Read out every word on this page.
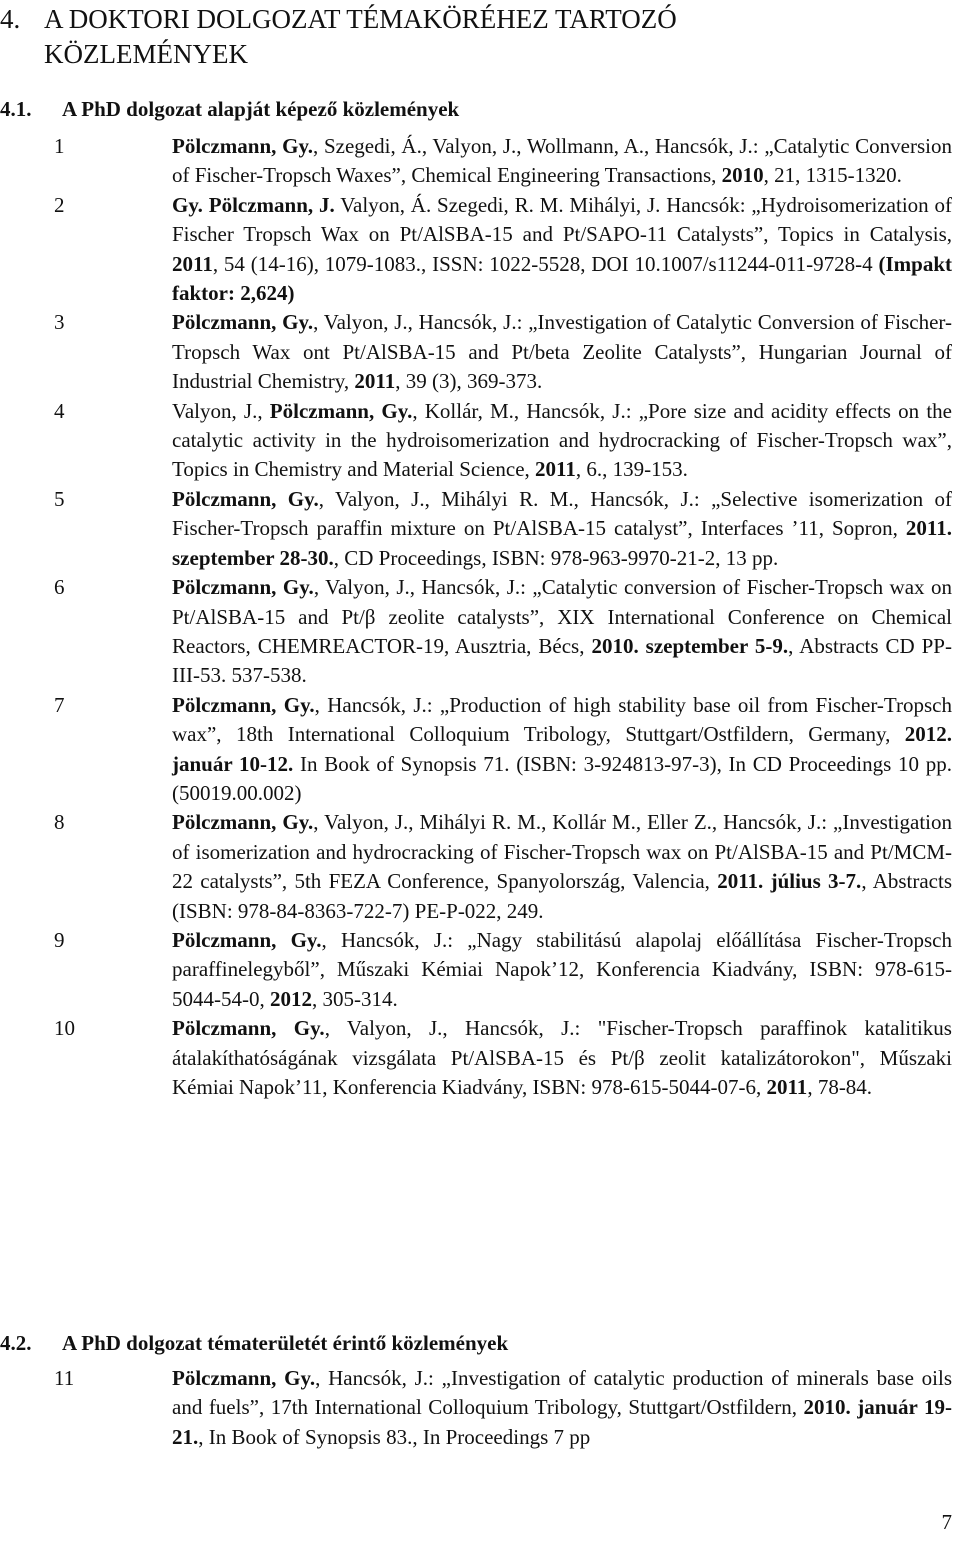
4. A DOKTORI DOLGOZAT TÉMAKÖRÉHEZ TARTOZÓ
KÖZLEMÉNYEK
4.1. A PhD dolgozat alapját képező közlemények
1	Pölczmann, Gy., Szegedi, Á., Valyon, J., Wollmann, A., Hancsók, J.: „Catalytic Conversion of Fischer-Tropsch Waxes”, Chemical Engineering Transactions, 2010, 21, 1315-1320.
2	Gy. Pölczmann, J. Valyon, Á. Szegedi, R. M. Mihályi, J. Hancsók: „Hydroisomerization of Fischer Tropsch Wax on Pt/AlSBA-15 and Pt/SAPO-11 Catalysts”, Topics in Catalysis, 2011, 54 (14-16), 1079-1083., ISSN: 1022-5528, DOI 10.1007/s11244-011-9728-4 (Impakt faktor: 2,624)
3	Pölczmann, Gy., Valyon, J., Hancsók, J.: „Investigation of Catalytic Conversion of Fischer-Tropsch Wax ont Pt/AlSBA-15 and Pt/beta Zeolite Catalysts”, Hungarian Journal of Industrial Chemistry, 2011, 39 (3), 369-373.
4	Valyon, J., Pölczmann, Gy., Kollár, M., Hancsók, J.: „Pore size and acidity effects on the catalytic activity in the hydroisomerization and hydrocracking of Fischer-Tropsch wax”, Topics in Chemistry and Material Science, 2011, 6., 139-153.
5	Pölczmann, Gy., Valyon, J., Mihályi R. M., Hancsók, J.: „Selective isomerization of Fischer-Tropsch paraffin mixture on Pt/AlSBA-15 catalyst”, Interfaces ’11, Sopron, 2011. szeptember 28-30., CD Proceedings, ISBN: 978-963-9970-21-2, 13 pp.
6	Pölczmann, Gy., Valyon, J., Hancsók, J.: „Catalytic conversion of Fischer-Tropsch wax on Pt/AlSBA-15 and Pt/β zeolite catalysts”, XIX International Conference on Chemical Reactors, CHEMREACTOR-19, Ausztria, Bécs, 2010. szeptember 5-9., Abstracts CD PP-III-53. 537-538.
7	Pölczmann, Gy., Hancsók, J.: „Production of high stability base oil from Fischer-Tropsch wax”, 18th International Colloquium Tribology, Stuttgart/Ostfildern, Germany, 2012. január 10-12. In Book of Synopsis 71. (ISBN: 3-924813-97-3), In CD Proceedings 10 pp. (50019.00.002)
8	Pölczmann, Gy., Valyon, J., Mihályi R. M., Kollár M., Eller Z., Hancsók, J.: „Investigation of isomerization and hydrocracking of Fischer-Tropsch wax on Pt/AlSBA-15 and Pt/MCM-22 catalysts”, 5th FEZA Conference, Spanyolország, Valencia, 2011. július 3-7., Abstracts (ISBN: 978-84-8363-722-7) PE-P-022, 249.
9	Pölczmann, Gy., Hancsók, J.: „Nagy stabilitású alapolaj előállítása Fischer-Tropsch paraffinelegyből”, Műszaki Kémiai Napok’12, Konferencia Kiadvány, ISBN: 978-615-5044-54-0, 2012, 305-314.
10	Pölczmann, Gy., Valyon, J., Hancsók, J.: "Fischer-Tropsch paraffinok katalitikus átalakíthatóságának vizsgálata Pt/AlSBA-15 és Pt/β zeolit katalizátorokon", Műszaki Kémiai Napok’11, Konferencia Kiadvány, ISBN: 978-615-5044-07-6, 2011, 78-84.
4.2. A PhD dolgozat tématerületét érintő közlemények
11	Pölczmann, Gy., Hancsók, J.: „Investigation of catalytic production of minerals base oils and fuels”, 17th International Colloquium Tribology, Stuttgart/Ostfildern, 2010. január 19-21., In Book of Synopsis 83., In Proceedings 7 pp
7
